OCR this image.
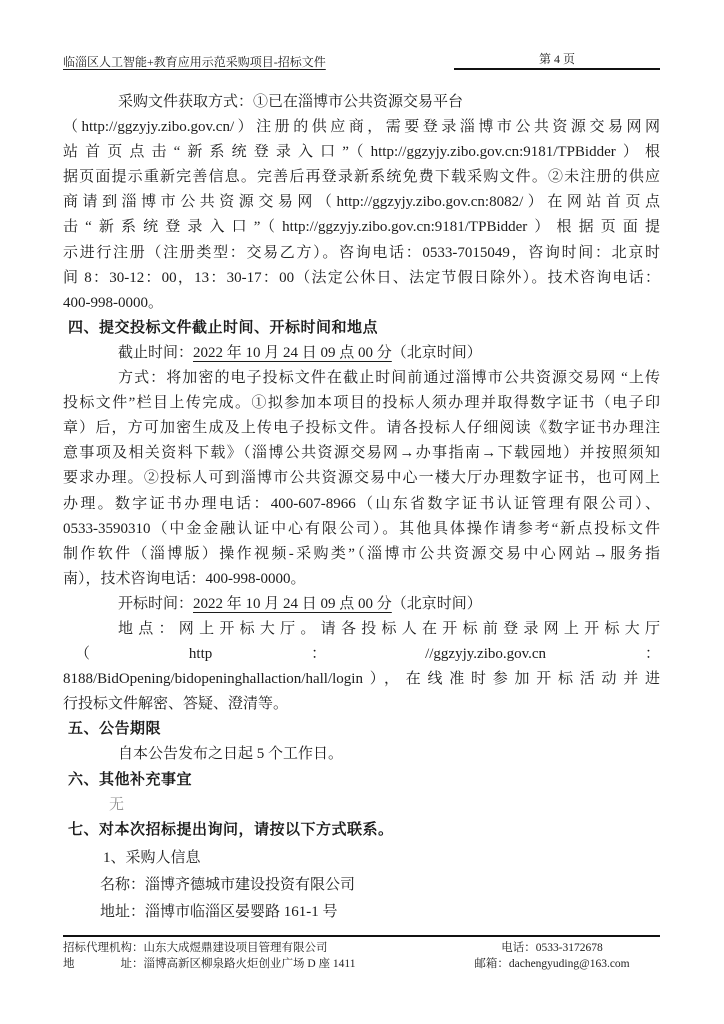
临淄区人工智能+教育应用示范采购项目-招标文件	第 4 页
采购文件获取方式：①已在淄博市公共资源交易平台
（http://ggzyjy.zibo.gov.cn/）注册的供应商，需要登录淄博市公共资源交易网网
站首页点击“新系统登录入口”（http://ggzyjy.zibo.gov.cn:9181/TPBidder）根
据页面提示重新完善信息。完善后再登录新系统免费下载采购文件。②未注册的供应
商请到淄博市公共资源交易网（http://ggzyjy.zibo.gov.cn:8082/）在网站首页点
击“新系统登录入口”（http://ggzyjy.zibo.gov.cn:9181/TPBidder）根据页面提
示进行注册（注册类型：交易乙方）。咨询电话：0533-7015049，咨询时间：北京时
间 8：30-12：00，13：30-17：00（法定公休日、法定节假日除外）。技术咨询电话：
400-998-0000。
四、提交投标文件截止时间、开标时间和地点
截止时间：2022 年 10 月 24 日 09 点 00 分（北京时间）
方式：将加密的电子投标文件在截止时间前通过淄博市公共资源交易网 “上传
投标文件”栏目上传完成。①拟参加本项目的投标人须办理并取得数字证书（电子印
章）后，方可加密生成及上传电子投标文件。请各投标人仔细阅读《数字证书办理注
意事项及相关资料下载》（淄博公共资源交易网→办事指南→下载园地）并按照须知
要求办理。②投标人可到淄博市公共资源交易中心一楼大厅办理数字证书，也可网上
办理。数字证书办理电话：400-607-8966（山东省数字证书认证管理有限公司）、
0533-3590310（中金金融认证中心有限公司）。其他具体操作请参考“新点投标文件
制作软件（淄博版）操作视频-采购类”（淄博市公共资源交易中心网站→服务指
南），技术咨询电话：400-998-0000。
开标时间：2022 年 10 月 24 日 09 点 00 分（北京时间）
地点：网上开标大厅。请各投标人在开标前登录网上开标大厅
（	http	：	//ggzyjy.zibo.gov.cn	：
8188/BidOpening/bidopeninghallaction/hall/login），在线准时参加开标活动并进
行投标文件解密、答疑、澄清等。
五、公告期限
自本公告发布之日起 5 个工作日。
六、其他补充事宜
无
七、对本次招标提出询问，请按以下方式联系。
1、采购人信息
名称：淄博齐德城市建设投资有限公司
地址：淄博市临淄区晏婴路 161-1 号
招标代理机构：山东大成煜鼎建设项目管理有限公司	电话：0533-3172678
地　　　　址：淄博高新区柳泉路火炬创业广场 D 座 1411	邮箱：dachengyuding@163.com
